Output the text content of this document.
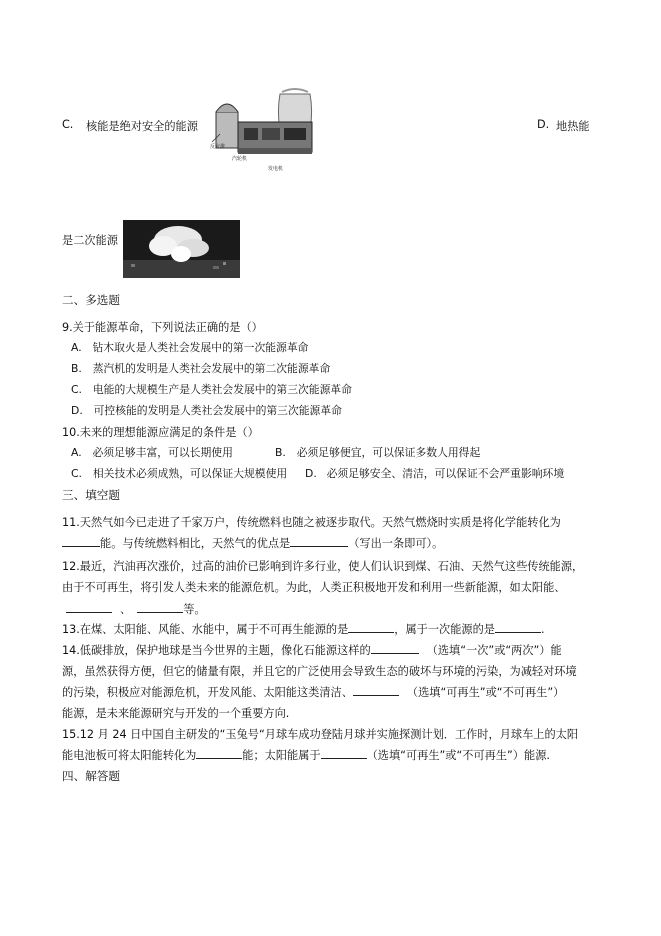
C. 核能是绝对安全的能源
反应堆
汽轮机
发电机
D. 地热能
是二次能源
二、多选题
9.关于能源革命，下列说法正确的是（）
A. 钻木取火是人类社会发展中的第一次能源革命
B. 蒸汽机的发明是人类社会发展中的第二次能源革命
C. 电能的大规模生产是人类社会发展中的第三次能源革命
D. 可控核能的发明是人类社会发展中的第三次能源革命
10.未来的理想能源应满足的条件是（）
A. 必须足够丰富，可以长期使用	B. 必须足够便宜，可以保证多数人用得起
C. 相关技术必须成熟，可以保证大规模使用 D. 必须足够安全、清洁，可以保证不会严重影响环境
三、填空题
11.天然气如今已走进了千家万户，传统燃料也随之被逐步取代。天然气燃烧时实质是将化学能转化为
能。与传统燃料相比，天然气的优点是	（写出一条即可）。
12.最近，汽油再次涨价，过高的油价已影响到许多行业，使人们认识到煤、石油、天然气这些传统能源，
由于不可再生，将引发人类未来的能源危机。为此，人类正积极地开发和利用一些新能源，如太阳能、
、	等。
13.在煤、太阳能、风能、水能中，属于不可再生能源的是	，属于一次能源的是	.
14.低碳排放，保护地球是当今世界的主题，像化石能源这样的	（选填“一次”或“两次”）能
源，虽然获得方便，但它的储量有限，并且它的广泛使用会导致生态的破坏与环境的污染，为减轻对环境
的污染，积极应对能源危机，开发风能、太阳能这类清洁、	（选填“可再生”或“不可再生”）
能源，是未来能源研究与开发的一个重要方向.
15.12 月 24 日中国自主研发的“玉兔号“月球车成功登陆月球并实施探测计划．工作时，月球车上的太阳
能电池板可将太阳能转化为	能；太阳能属于	（选填“可再生”或“不可再生”）能源.
四、解答题
